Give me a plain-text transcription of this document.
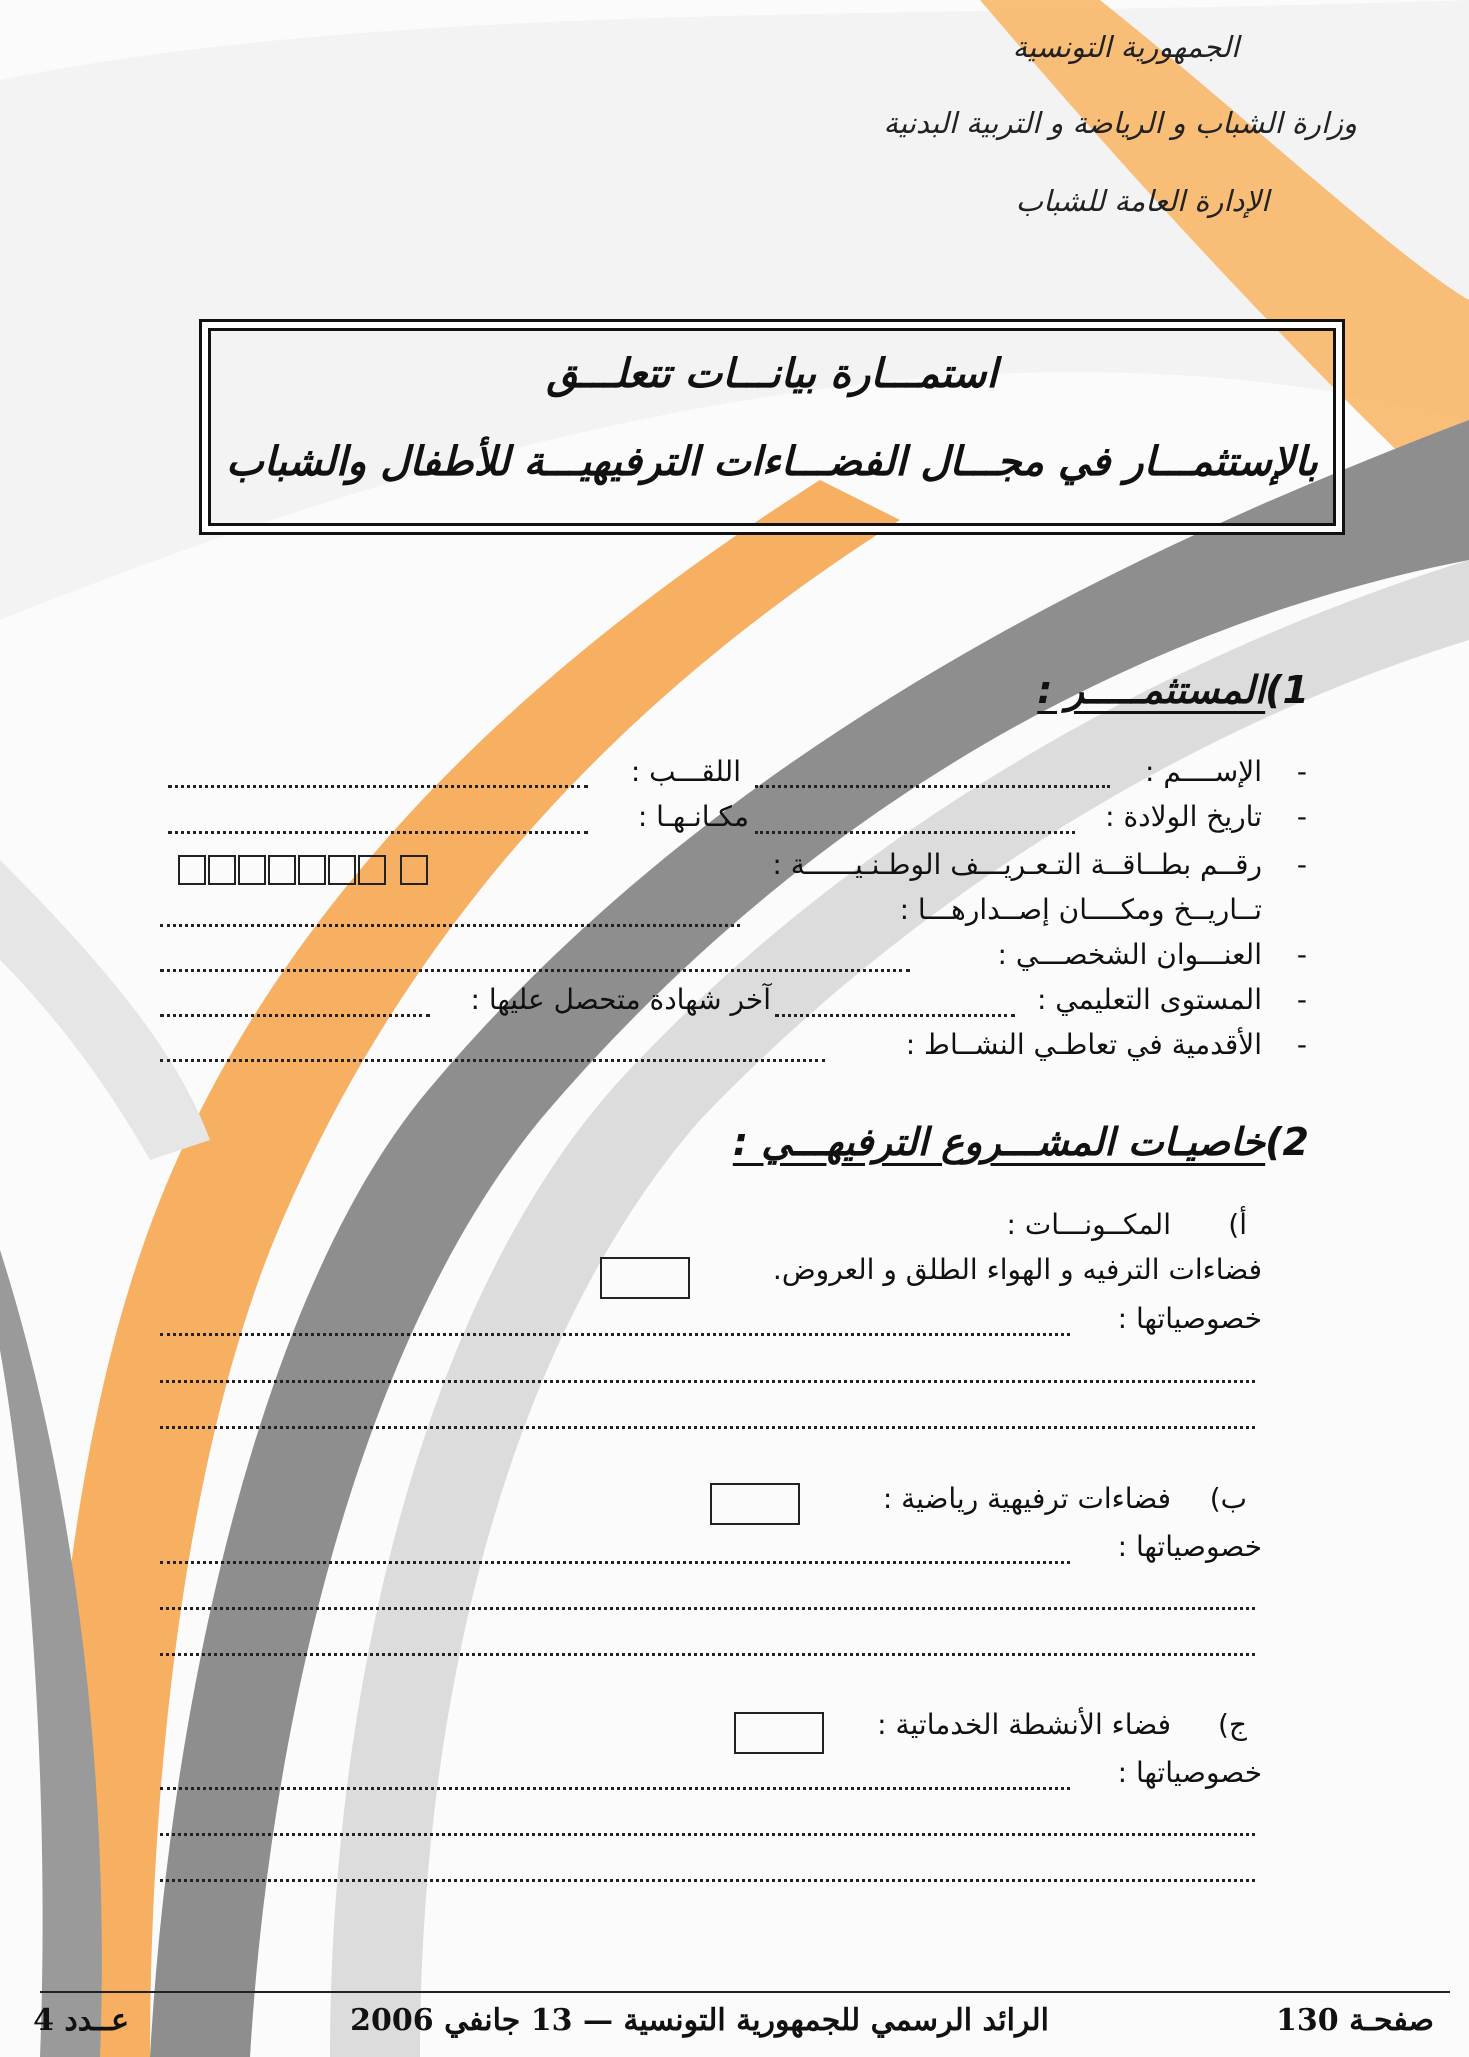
الجمهورية التونسية
وزارة الشباب و الرياضة و التربية البدنية
الإدارة العامة للشباب
استمـــارة بيانـــات تتعلـــق
بالإستثمـــار في مجـــال الفضـــاءات الترفيهيـــة للأطفال والشباب
1)المستثمـــــر :
-
الإســــم :
اللقـــب :
-
تاريخ الولادة :
مكـانـهـا :
-
رقــم بطــاقــة التـعـريـــف الوطـنـيــــــة :
تــاريــخ ومكــــان إصــدارهـــا :
-
العنـــوان الشخصـــي :
-
المستوى التعليمي :
آخر شهادة متحصل عليها :
-
الأقدمية في تعاطـي النشــاط :
2)خاصيـات المشـــروع الترفيهـــي :
أ)
المكــونـــات :
فضاءات الترفيه و الهواء الطلق و العروض.
خصوصياتها :
ب)
فضاءات ترفيهية رياضية :
خصوصياتها :
ج)
فضاء الأنشطة الخدماتية :
خصوصياتها :
صفحـة 130
الرائد الرسمي للجمهورية التونسية — 13 جانفي 2006
عــدد 4
